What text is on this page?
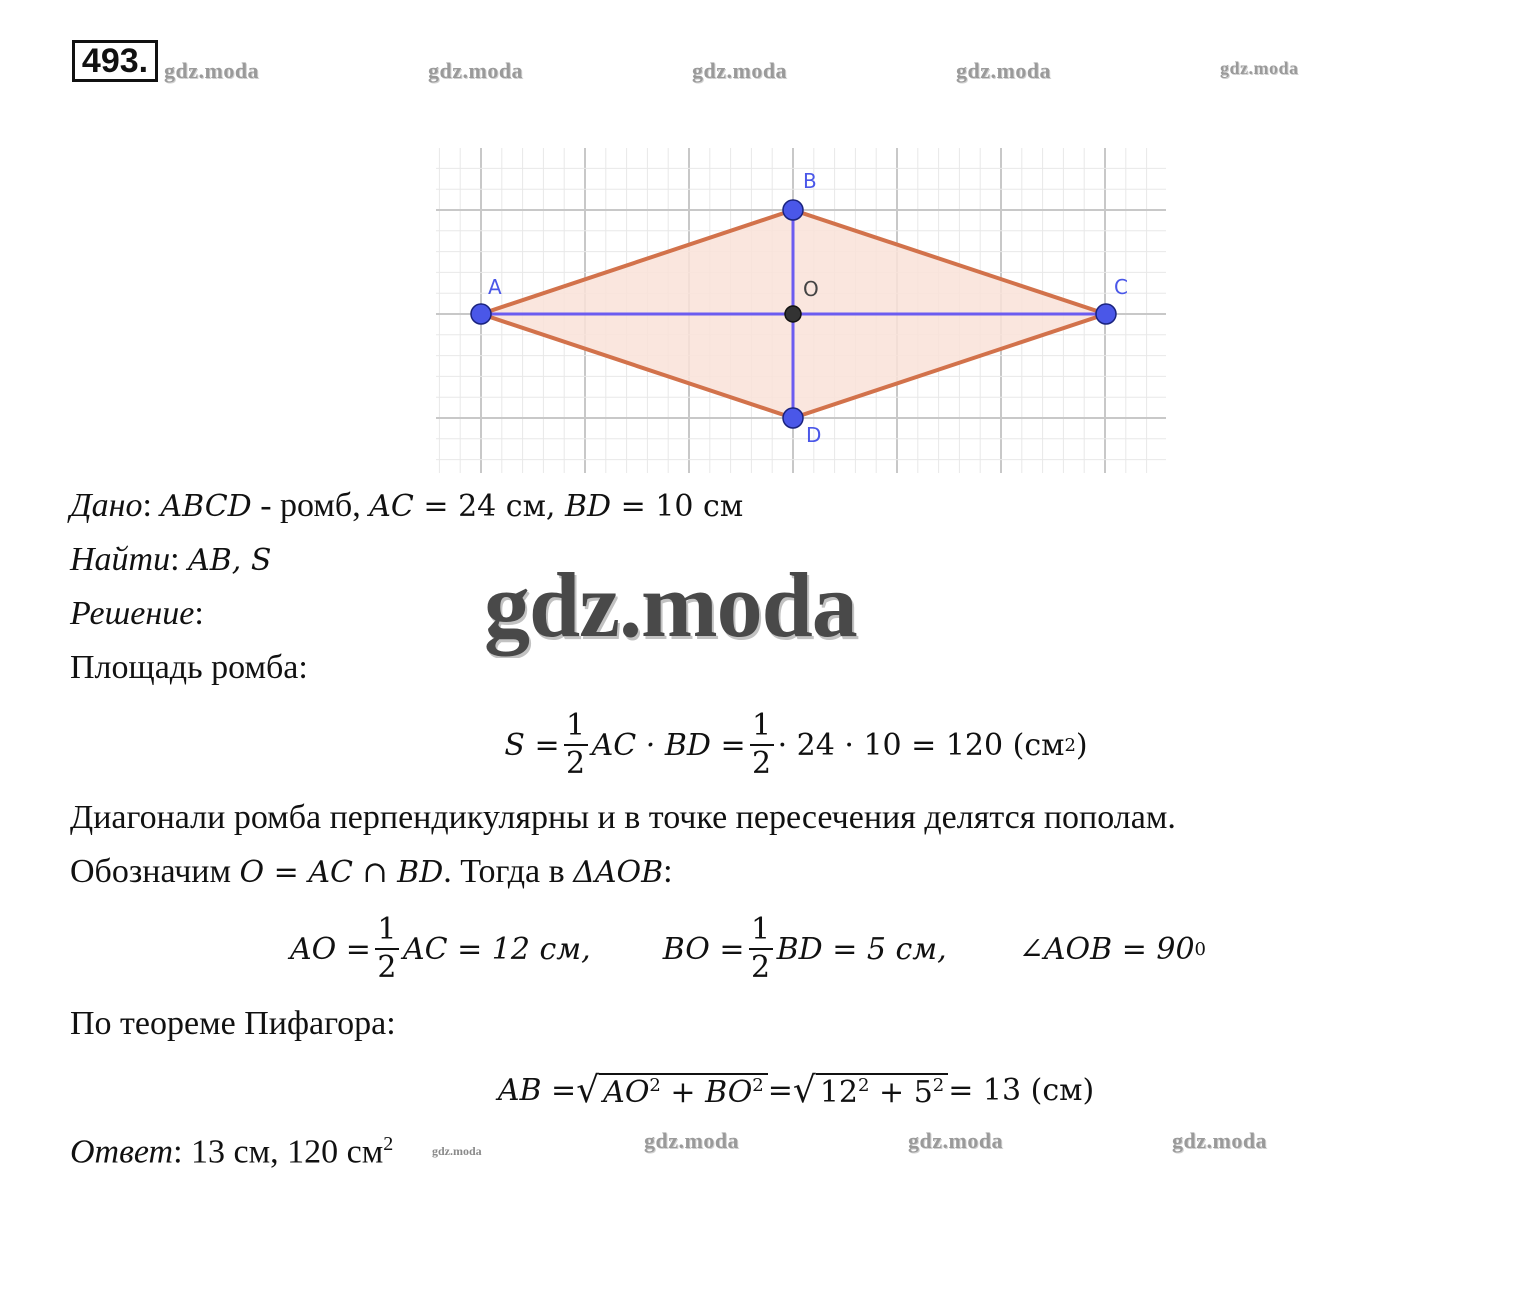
493. gdz.moda	gdz.moda	gdz.moda	gdz.moda	gdz.moda
A
B
C
D
O
Дано: ABCD - ромб, AC = 24 см, BD = 10 см
Найти: AB, S
Решение:	gdz.moda
Площадь ромба:
$S = \frac{1}{2}$ AC · BD = $\frac{1}{2} \cdot 24 \cdot 10 = 120$ (см 2 )
Диагонали ромба перпендикулярны и в точке пересечения делятся пополам.
Обозначим O = AC ∩ BD. Тогда в ΔAOB:
AO = $\frac{1}{2}$ AC = 12 см, BO = $\frac{1}{2}$ BD = 5 см, ∠AOB = 90 0
По теореме Пифагора:
AB = √ $AO^2 + BO^2$ = √ $12^2 + 5^2 = 13$ (см)
Ответ: 13 см, 120 $см^2$	gdz.moda	gdz.moda	gdz.moda	gdz.moda
